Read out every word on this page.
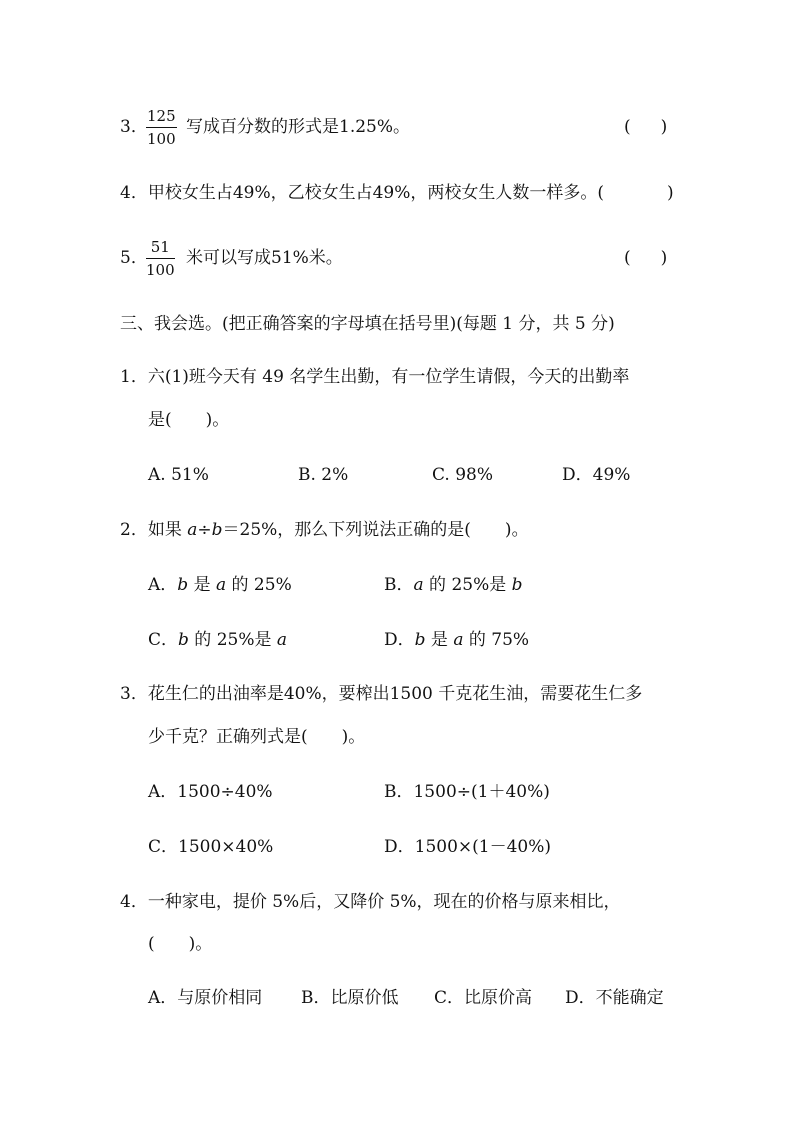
3．
125
100
写成百分数的形式是1.25%。	( )
4．甲校女生占49%，乙校女生占49%，两校女生人数一样多。(	)
5．
51
100
米可以写成51%米。	( )
三、我会选。(把正确答案的字母填在括号里)(每题 1 分，共 5 分)
1．六(1)班今天有 49 名学生出勤，有一位学生请假，今天的出勤率
是(　　)。
A. 51%	B. 2%	C. 98%	D．49%
2．如果 a÷b＝25%，那么下列说法正确的是(　　)。
A．b 是 a 的 25%	B．a 的 25%是 b
C．b 的 25%是 a	D．b 是 a 的 75%
3．花生仁的出油率是40%，要榨出1500 千克花生油，需要花生仁多
少千克？正确列式是(　　)。
A．1500÷40%	B．1500÷(1＋40%)
C．1500×40%	D．1500×(1－40%)
4．一种家电，提价 5%后，又降价 5%，现在的价格与原来相比，
(　　)。
A．与原价相同 B．比原价低 C．比原价高 D．不能确定
